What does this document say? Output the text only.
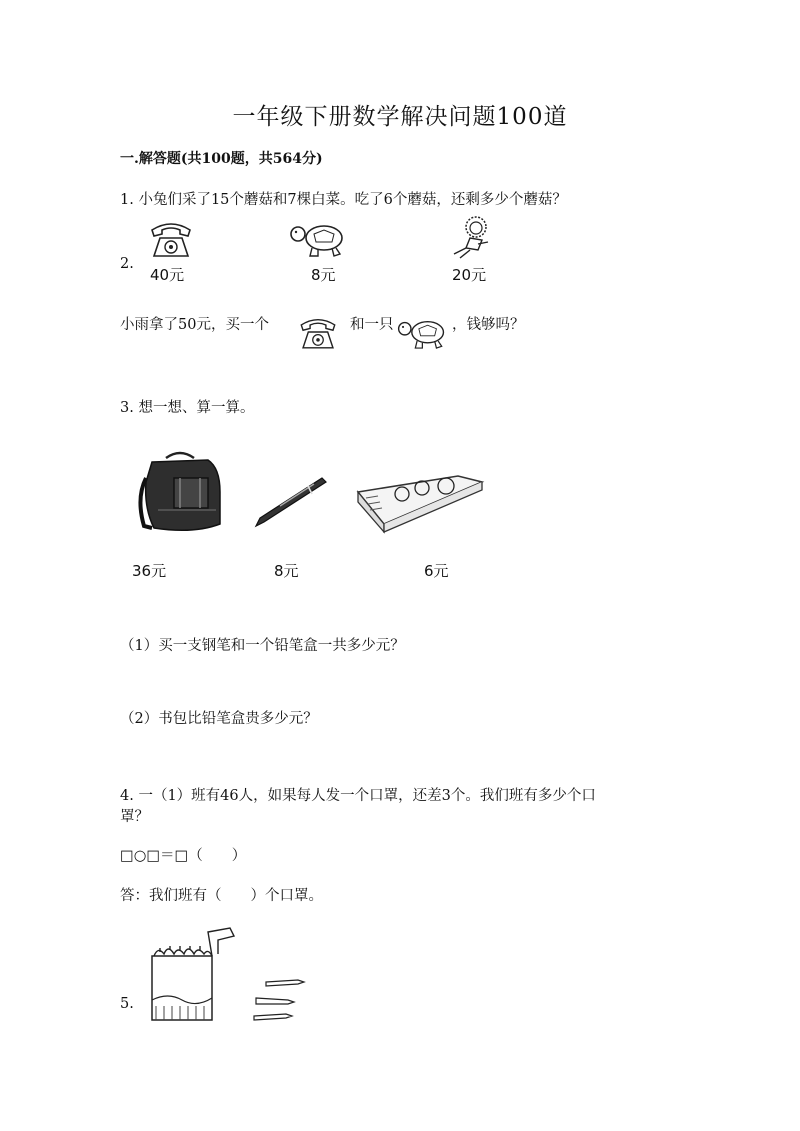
一年级下册数学解决问题100道
一.解答题(共100题，共564分)
1. 小兔们采了15个蘑菇和7棵白菜。吃了6个蘑菇，还剩多少个蘑菇？
2.
40元	8元	20元
小雨拿了50元，买一个	和一只	，钱够吗？
3. 想一想、算一算。
36元	8元	6元
（1）买一支钢笔和一个铅笔盒一共多少元？
（2）书包比铅笔盒贵多少元？
4. 一（1）班有46人，如果每人发一个口罩，还差3个。我们班有多少个口
罩？
□○□＝□（　　）
答：我们班有（　　）个口罩。
5.
